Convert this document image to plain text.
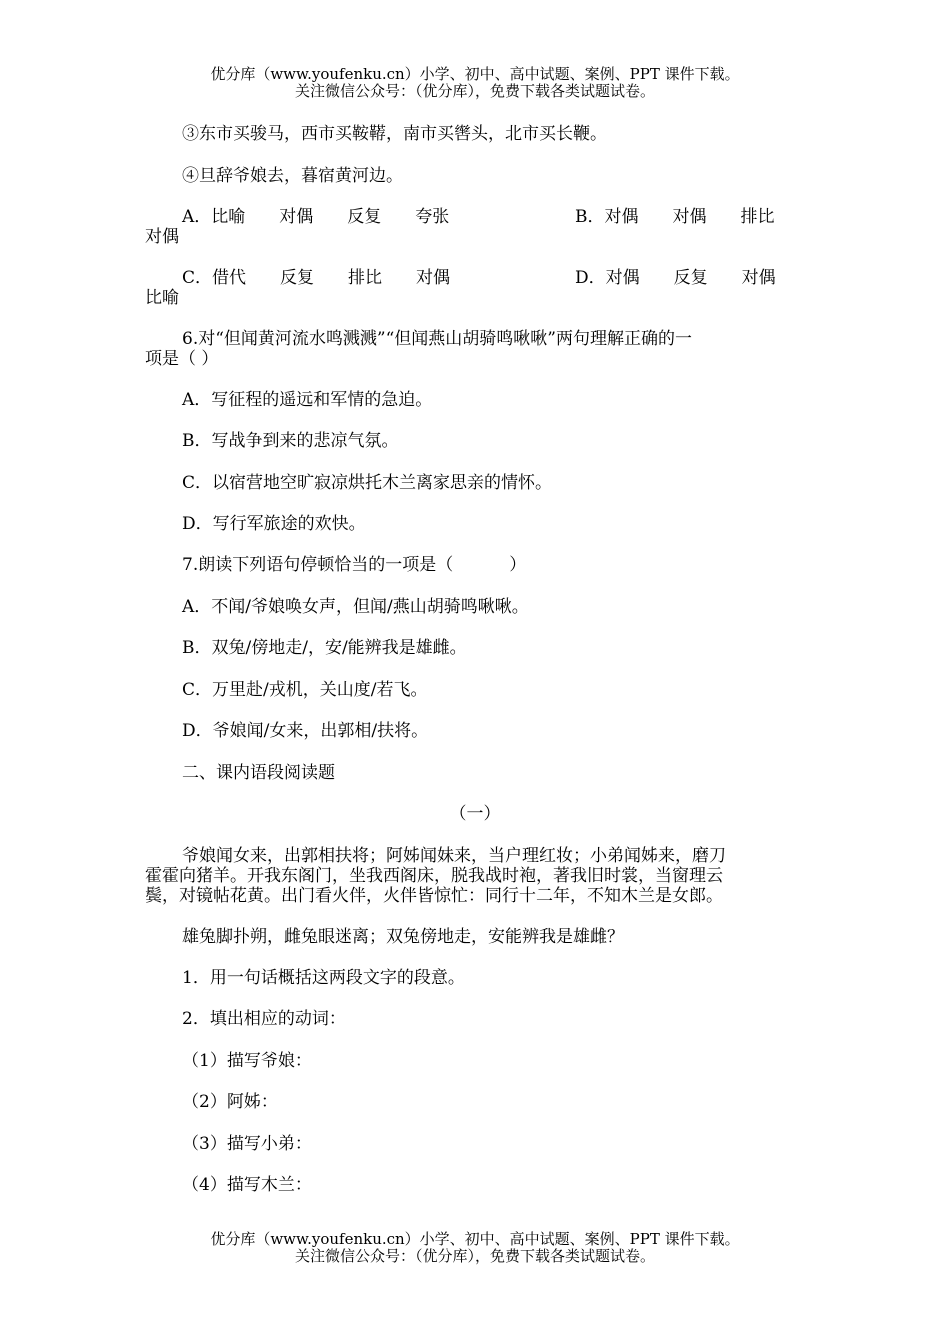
优分库（www.youfenku.cn）小学、初中、高中试题、案例、PPT 课件下载。
关注微信公众号：（优分库），免费下载各类试题试卷。
③东市买骏马，西市买鞍鞯，南市买辔头，北市买长鞭。
④旦辞爷娘去，暮宿黄河边。
A．比喻　　对偶　　反复　　夸张	B．对偶　　对偶　　排比
对偶
C．借代　　反复　　排比　　对偶	D．对偶　　反复　　对偶
比喻
6.对“但闻黄河流水鸣溅溅”“但闻燕山胡骑鸣啾啾”两句理解正确的一
项是（ ）
A．写征程的遥远和军情的急迫。
B．写战争到来的悲凉气氛。
C．以宿营地空旷寂凉烘托木兰离家思亲的情怀。
D．写行军旅途的欢快。
7.朗读下列语句停顿恰当的一项是（	）
A．不闻/爷娘唤女声，但闻/燕山胡骑鸣啾啾。
B．双兔/傍地走/，安/能辨我是雄雌。
C．万里赴/戎机，关山度/若飞。
D．爷娘闻/女来，出郭相/扶将。
二、课内语段阅读题
（一）
爷娘闻女来，出郭相扶将；阿姊闻妹来，当户理红妆；小弟闻姊来，磨刀
霍霍向猪羊。开我东阁门，坐我西阁床，脱我战时袍，著我旧时裳，当窗理云
鬓，对镜帖花黄。出门看火伴，火伴皆惊忙：同行十二年，不知木兰是女郎。
雄兔脚扑朔，雌兔眼迷离；双兔傍地走，安能辨我是雄雌？
1．用一句话概括这两段文字的段意。
2．填出相应的动词：
（1）描写爷娘：
（2）阿姊：
（3）描写小弟：
（4）描写木兰：
优分库（www.youfenku.cn）小学、初中、高中试题、案例、PPT 课件下载。
关注微信公众号：（优分库），免费下载各类试题试卷。
